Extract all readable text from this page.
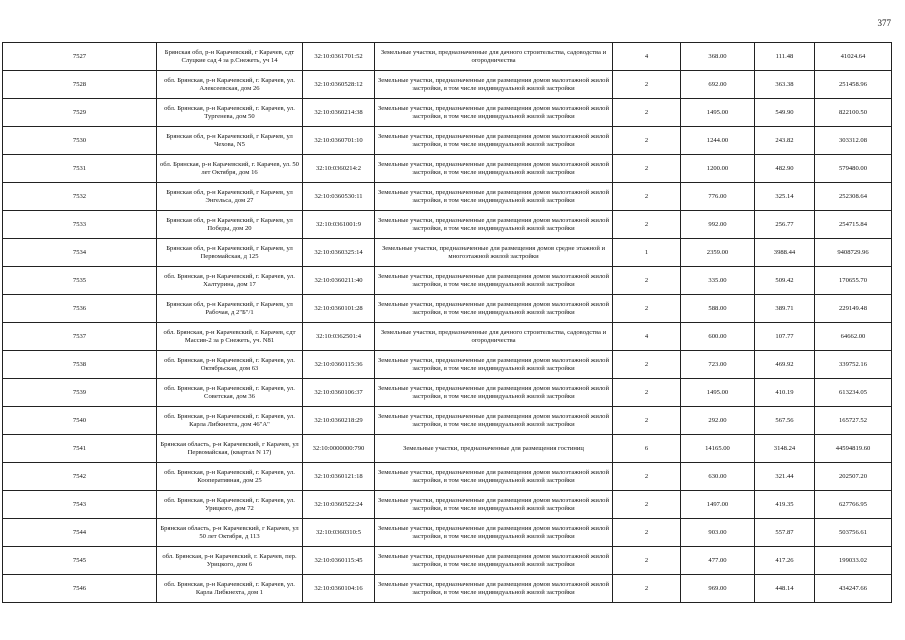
377
7527	Брянская обл, р-н Карачевский, г Карачев, сдт Слуцкие сад 4 за р.Снежеть, уч 14	32:10:0361701:52	Земельные участки, предназначенные для дачного строительства, садоводства и огородничества	4	368.00	111.48	41024.64
7528	обл. Брянская, р-н Карачевский, г. Карачев, ул. Алексеевская, дом 26	32:10:0360528:12	Земельные участки, предназначенные для размещения домов малоэтажной жилой застройки, в том числе индивидуальной жилой застройки	2	692.00	363.38	251458.96
7529	обл. Брянская, р-н Карачевский, г. Карачев, ул. Тургенева, дом 50	32:10:0360214:38	Земельные участки, предназначенные для размещения домов малоэтажной жилой застройки, в том числе индивидуальной жилой застройки	2	1495.00	549.90	822100.50
7530	Брянская обл, р-н Карачевский, г Карачев, ул Чехова, N5	32:10:0360701:10	Земельные участки, предназначенные для размещения домов малоэтажной жилой застройки, в том числе индивидуальной жилой застройки	2	1244.00	243.82	303312.08
7531	обл. Брянская, р-н Карачевский, г. Карачев, ул. 50 лет Октября, дом 16	32:10:0360214:2	Земельные участки, предназначенные для размещения домов малоэтажной жилой застройки, в том числе индивидуальной жилой застройки	2	1200.00	482.90	579480.00
7532	Брянская обл, р-н Карачевский, г Карачев, ул Энгельса, дом 27	32:10:0360530:11	Земельные участки, предназначенные для размещения домов малоэтажной жилой застройки, в том числе индивидуальной жилой застройки	2	776.00	325.14	252308.64
7533	Брянская обл, р-н Карачевский, г Карачев, ул Победы, дом 20	32:10:0361001:9	Земельные участки, предназначенные для размещения домов малоэтажной жилой застройки, в том числе индивидуальной жилой застройки	2	992.00	256.77	254715.84
7534	Брянская обл, р-н Карачевский, г Карачев, ул Первомайская, д 125	32:10:0360325:14	Земельные участки, предназначенные для размещения домов средне этажной и многоэтажной жилой застройки	1	2359.00	3988.44	9408729.96
7535	обл. Брянская, р-н Карачевский, г. Карачев, ул. Халтурина, дом 17	32:10:0360211:40	Земельные участки, предназначенные для размещения домов малоэтажной жилой застройки, в том числе индивидуальной жилой застройки	2	335.00	509.42	170655.70
7536	Брянская обл, р-н Карачевский, г Карачев, ул Рабочая, д 2"Б"/1	32:10:0360101:28	Земельные участки, предназначенные для размещения домов малоэтажной жилой застройки, в том числе индивидуальной жилой застройки	2	588.00	389.71	229149.48
7537	обл. Брянская, р-н Карачевский, г. Карачев, сдт Массив-2 за р Снежеть, уч. N81	32:10:0362501:4	Земельные участки, предназначенные для дачного строительства, садоводства и огородничества	4	600.00	107.77	64662.00
7538	обл. Брянская, р-н Карачевский, г. Карачев, ул. Октябрьская, дом 63	32:10:0360115:36	Земельные участки, предназначенные для размещения домов малоэтажной жилой застройки, в том числе индивидуальной жилой застройки	2	723.00	469.92	339752.16
7539	обл. Брянская, р-н Карачевский, г. Карачев, ул. Советская, дом 36	32:10:0360106:37	Земельные участки, предназначенные для размещения домов малоэтажной жилой застройки, в том числе индивидуальной жилой застройки	2	1495.00	410.19	613234.05
7540	обл. Брянская, р-н Карачевский, г. Карачев, ул. Карла Либкнехта, дом 46"А"	32:10:0360218:29	Земельные участки, предназначенные для размещения домов малоэтажной жилой застройки, в том числе индивидуальной жилой застройки	2	292.00	567.56	165727.52
7541	Брянская область, р-н Карачевский, г Карачев, ул Первомайская, (квартал N 17)	32:10:0000000:790	Земельные участки, предназначенные для размещения гостиниц	6	14165.00	3148.24	44594819.60
7542	обл. Брянская, р-н Карачевский, г. Карачев, ул. Кооперативная, дом 25	32:10:0360121:18	Земельные участки, предназначенные для размещения домов малоэтажной жилой застройки, в том числе индивидуальной жилой застройки	2	630.00	321.44	202507.20
7543	обл. Брянская, р-н Карачевский, г. Карачев, ул. Урицкого, дом 72	32:10:0360522:24	Земельные участки, предназначенные для размещения домов малоэтажной жилой застройки, в том числе индивидуальной жилой застройки	2	1497.00	419.35	627766.95
7544	Брянская область, р-н Карачевский, г Карачев, ул 50 лет Октября, д 113	32:10:0360310:5	Земельные участки, предназначенные для размещения домов малоэтажной жилой застройки, в том числе индивидуальной жилой застройки	2	903.00	557.87	503756.61
7545	обл. Брянская, р-н Карачевский, г. Карачев, пер. Урицкого, дом 6	32:10:0360115:45	Земельные участки, предназначенные для размещения домов малоэтажной жилой застройки, в том числе индивидуальной жилой застройки	2	477.00	417.26	199033.02
7546	обл. Брянская, р-н Карачевский, г. Карачев, ул. Карла Либкнехта, дом 1	32:10:0360104:16	Земельные участки, предназначенные для размещения домов малоэтажной жилой застройки, в том числе индивидуальной жилой застройки	2	969.00	448.14	434247.66
